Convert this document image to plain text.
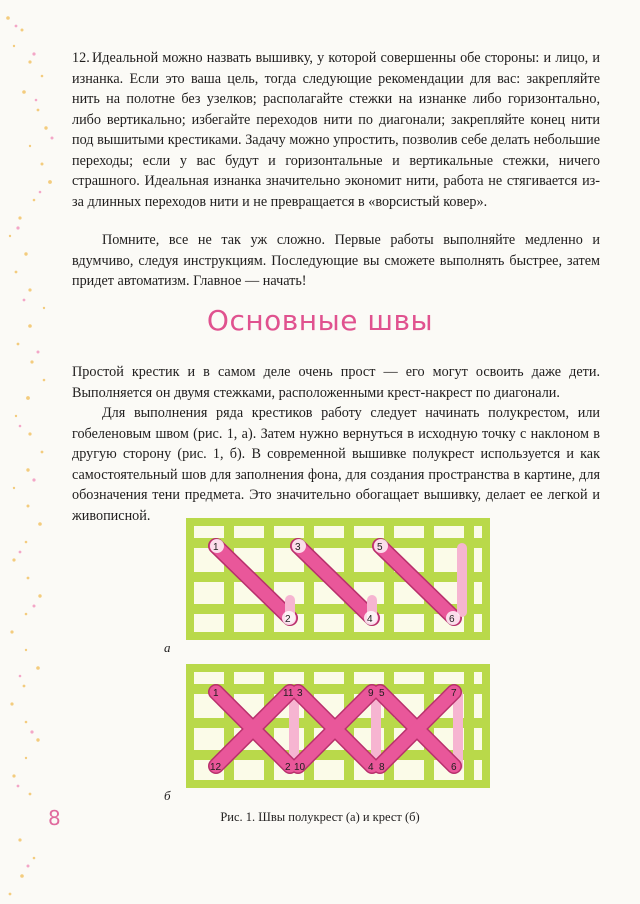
12. Идеальной можно назвать вышивку, у которой совершенны обе стороны: и лицо, и изнанка. Если это ваша цель, тогда следующие рекомендации для вас: закрепляйте нить на полотне без узелков; располагайте стежки на изнанке либо горизонтально, либо вертикально; избегайте переходов нити по диагонали; закрепляйте конец нити под вышитыми крестиками. Задачу можно упростить, позволив себе делать небольшие переходы; если у вас будут и горизонтальные и вертикальные стежки, ничего страшного. Идеальная изнанка значительно экономит нити, работа не стягивается из-за длинных переходов нити и не превращается в «ворсистый ковер».

Помните, все не так уж сложно. Первые работы выполняйте медленно и вдумчиво, следуя инструкциям. Последующие вы сможете выполнять быстрее, затем придет автоматизм. Главное — начать!

Основные швы

Простой крестик и в самом деле очень прост — его могут освоить даже дети. Выполняется он двумя стежками, расположенными крест-накрест по диагонали.

Для выполнения ряда крестиков работу следует начинать полукрестом, или гобеленовым швом (рис. 1, а). Затем нужно вернуться в исходную точку с наклоном в другую сторону (рис. 1, б). В современной вышивке полукрест используется и как самостоятельный шов для заполнения фона, для создания пространства в картине, для обозначения тени предмета. Это значительно обогащает вышивку, делает ее легкой и живописной.

1
2
3
4
5
6
1
12
11
2
3
10
9
4
5
8
7
6
а
б
Рис. 1. Швы полукрест (а) и крест (б)
8
